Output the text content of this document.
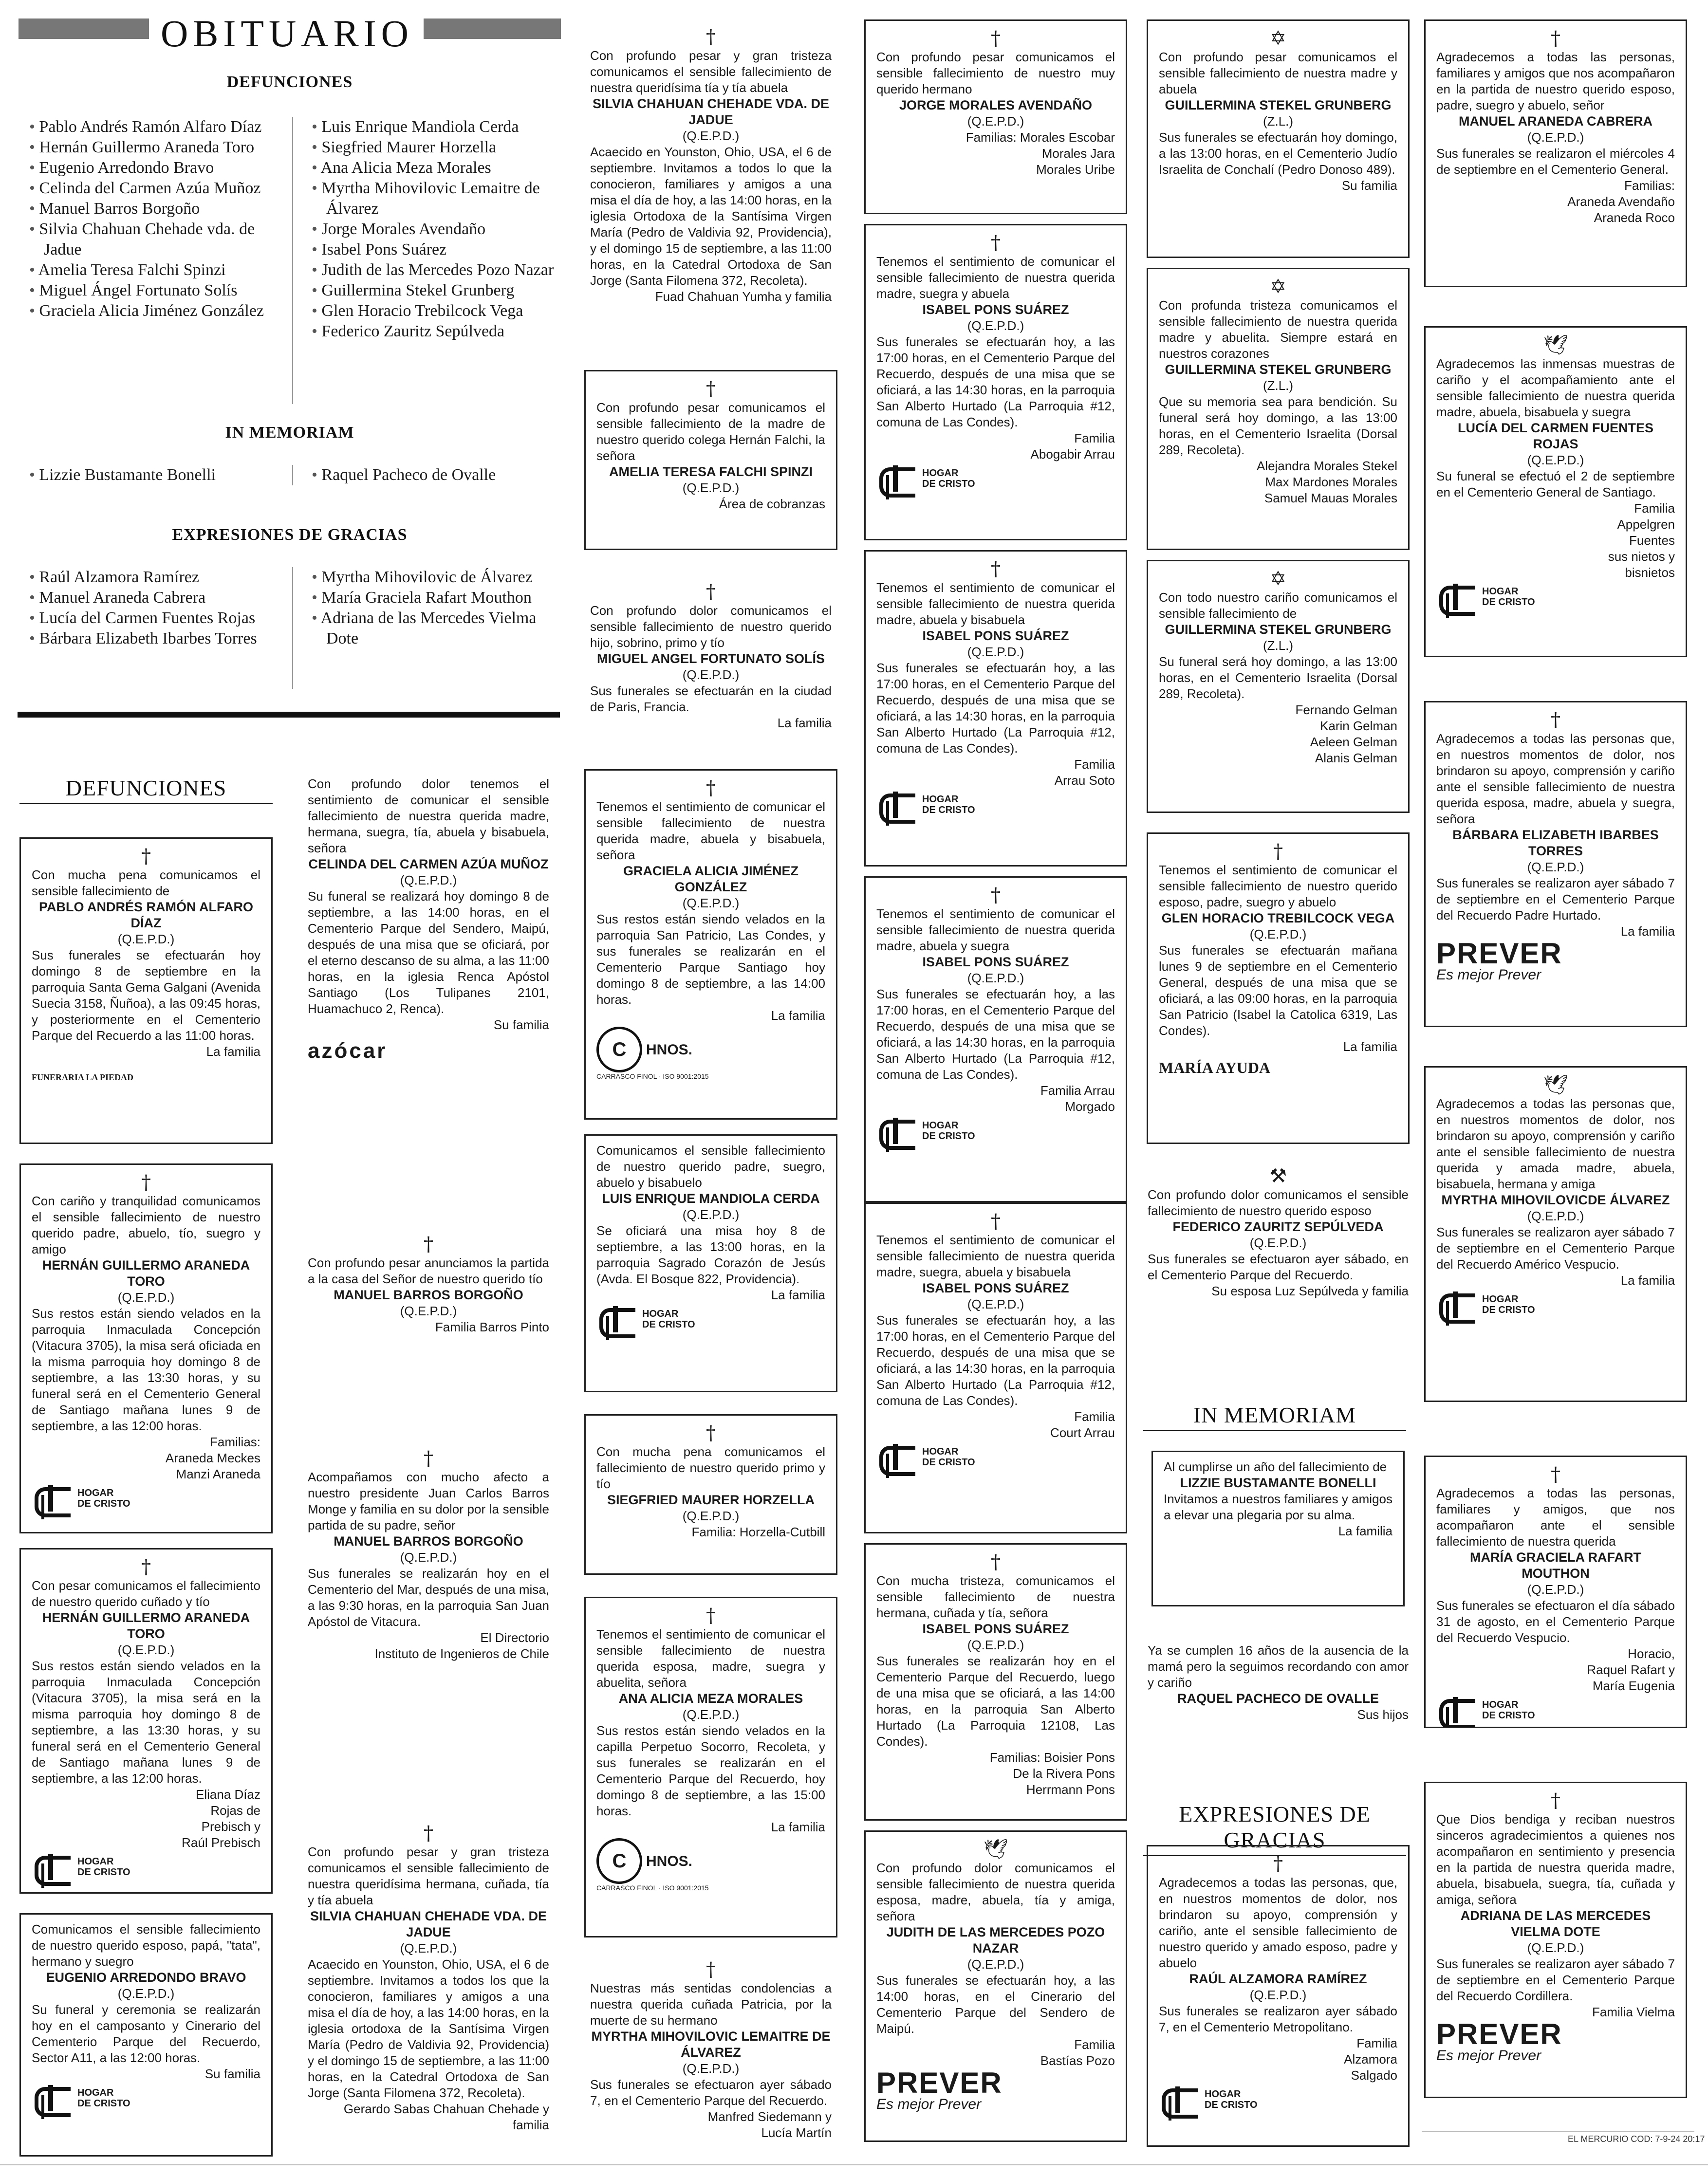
OBITUARIO
DEFUNCIONES
• Pablo Andrés Ramón Alfaro Díaz
• Hernán Guillermo Araneda Toro
• Eugenio Arredondo Bravo
• Celinda del Carmen Azúa Muñoz
• Manuel Barros Borgoño
• Silvia Chahuan Chehade vda. de Jadue
• Amelia Teresa Falchi Spinzi
• Miguel Ángel Fortunato Solís
• Graciela Alicia Jiménez González
• Luis Enrique Mandiola Cerda
• Siegfried Maurer Horzella
• Ana Alicia Meza Morales
• Myrtha Mihovilovic Lemaitre de Álvarez
• Jorge Morales Avendaño
• Isabel Pons Suárez
• Judith de las Mercedes Pozo Nazar
• Guillermina Stekel Grunberg
• Glen Horacio Trebilcock Vega
• Federico Zauritz Sepúlveda
IN MEMORIAM
• Lizzie Bustamante Bonelli
•	Raquel Pacheco de Ovalle
EXPRESIONES DE GRACIAS
• Raúl Alzamora Ramírez
• Manuel Araneda Cabrera
• Lucía del Carmen Fuentes Rojas
• Bárbara Elizabeth Ibarbes Torres
• Myrtha Mihovilovic de Álvarez
• María Graciela Rafart Mouthon
• Adriana de las Mercedes Vielma Dote
DEFUNCIONES
IN MEMORIAM
EXPRESIONES DE GRACIAS
†
Con mucha pena comunicamos el sensible fallecimiento de
PABLO ANDRÉS RAMÓN ALFARO DÍAZ
(Q.E.P.D.)
Sus funerales se efectuarán hoy domingo 8 de septiembre en la parroquia Santa Gema Galgani (Avenida Suecia 3158, Ñuñoa), a las 09:45 horas, y posteriormente en el Cementerio Parque del Recuerdo a las 11:00 horas.
La familia
FUNERARIA LA PIEDAD
†
Con cariño y tranquilidad comunicamos el sensible fallecimiento de nuestro querido padre, abuelo, tío, suegro y amigo
HERNÁN GUILLERMO ARANEDA TORO
(Q.E.P.D.)
Sus restos están siendo velados en la parroquia Inmaculada Concepción (Vitacura 3705), la misa será oficiada en la misma parroquia hoy domingo 8 de septiembre, a las 13:30 horas, y su funeral será en el Cementerio General de Santiago mañana lunes 9 de septiembre, a las 12:00 horas.
Familias:
Araneda Meckes
Manzi Araneda
HOGAR
DE CRISTO
†
Con pesar comunicamos el fallecimiento de nuestro querido cuñado y tío
HERNÁN GUILLERMO ARANEDA TORO
(Q.E.P.D.)
Sus restos están siendo velados en la parroquia Inmaculada Concepción (Vitacura 3705), la misa será en la misma parroquia hoy domingo 8 de septiembre, a las 13:30 horas, y su funeral será en el Cementerio General de Santiago mañana lunes 9 de septiembre, a las 12:00 horas.
Eliana Díaz
Rojas de
Prebisch y
Raúl Prebisch
HOGAR
DE CRISTO
Comunicamos el sensible fallecimiento de nuestro querido esposo, papá, "tata", hermano y suegro
EUGENIO ARREDONDO BRAVO
(Q.E.P.D.)
Su funeral y ceremonia se realizarán hoy en el camposanto y Cinerario del Cementerio Parque del Recuerdo, Sector A11, a las 12:00 horas.
Su familia
HOGAR
DE CRISTO
Con profundo dolor tenemos el sentimiento de comunicar el sensible fallecimiento de nuestra querida madre, hermana, suegra, tía, abuela y bisabuela, señora
CELINDA DEL CARMEN AZÚA MUÑOZ
(Q.E.P.D.)
Su funeral se realizará hoy domingo 8 de septiembre, a las 14:00 horas, en el Cementerio Parque del Sendero, Maipú, después de una misa que se oficiará, por el eterno descanso de su alma, a las 11:00 horas, en la iglesia Renca Apóstol Santiago (Los Tulipanes 2101, Huamachuco 2, Renca).
Su familia
azócar
†
Con profundo pesar anunciamos la partida a la casa del Señor de nuestro querido tío
MANUEL BARROS BORGOÑO
(Q.E.P.D.)
Familia Barros Pinto
†
Acompañamos con mucho afecto a nuestro presidente Juan Carlos Barros Monge y familia en su dolor por la sensible partida de su padre, señor
MANUEL BARROS BORGOÑO
(Q.E.P.D.)
Sus funerales se realizarán hoy en el Cementerio del Mar, después de una misa, a las 9:30 horas, en la parroquia San Juan Apóstol de Vitacura.
El Directorio
Instituto de Ingenieros de Chile
†
Con profundo pesar y gran tristeza comunicamos el sensible fallecimiento de nuestra queridísima hermana, cuñada, tía y tía abuela
SILVIA CHAHUAN CHEHADE VDA. DE JADUE
(Q.E.P.D.)
Acaecido en Younston, Ohio, USA, el 6 de septiembre. Invitamos a todos los que la conocieron, familiares y amigos a una misa el día de hoy, a las 14:00 horas, en la iglesia ortodoxa de la Santísima Virgen María (Pedro de Valdivia 92, Providencia) y el domingo 15 de septiembre, a las 11:00 horas, en la Catedral Ortodoxa de San Jorge (Santa Filomena 372, Recoleta).
Gerardo Sabas Chahuan Chehade y familia
†
Con profundo pesar y gran tristeza comunicamos el sensible fallecimiento de nuestra queridísima tía y tía abuela
SILVIA CHAHUAN CHEHADE VDA. DE JADUE
(Q.E.P.D.)
Acaecido en Younston, Ohio, USA, el 6 de septiembre. Invitamos a todos lo que la conocieron, familiares y amigos a una misa el día de hoy, a las 14:00 horas, en la iglesia Ortodoxa de la Santísima Virgen María (Pedro de Valdivia 92, Providencia), y el domingo 15 de septiembre, a las 11:00 horas, en la Catedral Ortodoxa de San Jorge (Santa Filomena 372, Recoleta).
Fuad Chahuan Yumha y familia
†
Con profundo pesar comunicamos el sensible fallecimiento de la madre de nuestro querido colega Hernán Falchi, la señora
AMELIA TERESA FALCHI SPINZI
(Q.E.P.D.)
Área de cobranzas
†
Con profundo dolor comunicamos el sensible fallecimiento de nuestro querido hijo, sobrino, primo y tío
MIGUEL ANGEL FORTUNATO SOLÍS
(Q.E.P.D.)
Sus funerales se efectuarán en la ciudad de Paris, Francia.
La familia
†
Tenemos el sentimiento de comunicar el sensible fallecimiento de nuestra querida madre, abuela y bisabuela, señora
GRACIELA ALICIA JIMÉNEZ GONZÁLEZ
(Q.E.P.D.)
Sus restos están siendo velados en la parroquia San Patricio, Las Condes, y sus funerales se realizarán en el Cementerio Parque Santiago hoy domingo 8 de septiembre, a las 14:00 horas.
La familia
C	HNOS.
CARRASCO FINOL · ISO 9001:2015
Comunicamos el sensible fallecimiento de nuestro querido padre, suegro, abuelo y bisabuelo
LUIS ENRIQUE MANDIOLA CERDA
(Q.E.P.D.)
Se oficiará una misa hoy 8 de septiembre, a las 13:00 horas, en la parroquia Sagrado Corazón de Jesús (Avda. El Bosque 822, Providencia).
La familia
HOGAR
DE CRISTO
†
Con mucha pena comunicamos el fallecimiento de nuestro querido primo y tío
SIEGFRIED MAURER HORZELLA
(Q.E.P.D.)
Familia: Horzella-Cutbill
†
Tenemos el sentimiento de comunicar el sensible fallecimiento de nuestra querida esposa, madre, suegra y abuelita, señora
ANA ALICIA MEZA MORALES
(Q.E.P.D.)
Sus restos están siendo velados en la capilla Perpetuo Socorro, Recoleta, y sus funerales se realizarán en el Cementerio Parque del Recuerdo, hoy domingo 8 de septiembre, a las 15:00 horas.
La familia
C	HNOS.
CARRASCO FINOL · ISO 9001:2015
†
Nuestras más sentidas condolencias a nuestra querida cuñada Patricia, por la muerte de su hermano
MYRTHA MIHOVILOVIC LEMAITRE DE ÁLVAREZ
(Q.E.P.D.)
Sus funerales se efectuaron ayer sábado 7, en el Cementerio Parque del Recuerdo.
Manfred Siedemann y
Lucía Martín
†
Con profundo pesar comunicamos el sensible fallecimiento de nuestro muy querido hermano
JORGE MORALES AVENDAÑO
(Q.E.P.D.)
Familias: Morales Escobar
Morales Jara
Morales Uribe
†
Tenemos el sentimiento de comunicar el sensible fallecimiento de nuestra querida madre, suegra y abuela
ISABEL PONS SUÁREZ
(Q.E.P.D.)
Sus funerales se efectuarán hoy, a las 17:00 horas, en el Cementerio Parque del Recuerdo, después de una misa que se oficiará, a las 14:30 horas, en la parroquia San Alberto Hurtado (La Parroquia #12, comuna de Las Condes).
Familia
Abogabir Arrau
HOGAR
DE CRISTO
†
Tenemos el sentimiento de comunicar el sensible fallecimiento de nuestra querida madre, abuela y bisabuela
ISABEL PONS SUÁREZ
(Q.E.P.D.)
Sus funerales se efectuarán hoy, a las 17:00 horas, en el Cementerio Parque del Recuerdo, después de una misa que se oficiará, a las 14:30 horas, en la parroquia San Alberto Hurtado (La Parroquia #12, comuna de Las Condes).
Familia
Arrau Soto
HOGAR
DE CRISTO
†
Tenemos el sentimiento de comunicar el sensible fallecimiento de nuestra querida madre, abuela y suegra
ISABEL PONS SUÁREZ
(Q.E.P.D.)
Sus funerales se efectuarán hoy, a las 17:00 horas, en el Cementerio Parque del Recuerdo, después de una misa que se oficiará, a las 14:30 horas, en la parroquia San Alberto Hurtado (La Parroquia #12, comuna de Las Condes).
Familia Arrau
Morgado
HOGAR
DE CRISTO
†
Tenemos el sentimiento de comunicar el sensible fallecimiento de nuestra querida madre, suegra, abuela y bisabuela
ISABEL PONS SUÁREZ
(Q.E.P.D.)
Sus funerales se efectuarán hoy, a las 17:00 horas, en el Cementerio Parque del Recuerdo, después de una misa que se oficiará, a las 14:30 horas, en la parroquia San Alberto Hurtado (La Parroquia #12, comuna de Las Condes).
Familia
Court Arrau
HOGAR
DE CRISTO
†
Con mucha tristeza, comunicamos el sensible fallecimiento de nuestra hermana, cuñada y tía, señora
ISABEL PONS SUÁREZ
(Q.E.P.D.)
Sus funerales se realizarán hoy en el Cementerio Parque del Recuerdo, luego de una misa que se oficiará, a las 14:00 horas, en la parroquia San Alberto Hurtado (La Parroquia 12108, Las Condes).
Familias: Boisier Pons
De la Rivera Pons
Herrmann Pons
🕊
Con profundo dolor comunicamos el sensible fallecimiento de nuestra querida esposa, madre, abuela, tía y amiga, señora
JUDITH DE LAS MERCEDES POZO NAZAR
(Q.E.P.D.)
Sus funerales se efectuarán hoy, a las 14:00 horas, en el Cinerario del Cementerio Parque del Sendero de Maipú.
Familia
Bastías Pozo
PREVER
Es mejor Prever
✡
Con profundo pesar comunicamos el sensible fallecimiento de nuestra madre y abuela
GUILLERMINA STEKEL GRUNBERG
(Z.L.)
Sus funerales se efectuarán hoy domingo, a las 13:00 horas, en el Cementerio Judío Israelita de Conchalí (Pedro Donoso 489).
Su familia
✡
Con profunda tristeza comunicamos el sensible fallecimiento de nuestra querida madre y abuelita. Siempre estará en nuestros corazones
GUILLERMINA STEKEL GRUNBERG
(Z.L.)
Que su memoria sea para bendición. Su funeral será hoy domingo, a las 13:00 horas, en el Cementerio Israelita (Dorsal 289, Recoleta).
Alejandra Morales Stekel
Max Mardones Morales
Samuel Mauas Morales
✡
Con todo nuestro cariño comunicamos el sensible fallecimiento de
GUILLERMINA STEKEL GRUNBERG
(Z.L.)
Su funeral será hoy domingo, a las 13:00 horas, en el Cementerio Israelita (Dorsal 289, Recoleta).
Fernando Gelman
Karin Gelman
Aeleen Gelman
Alanis Gelman
†
Tenemos el sentimiento de comunicar el sensible fallecimiento de nuestro querido esposo, padre, suegro y abuelo
GLEN HORACIO TREBILCOCK VEGA
(Q.E.P.D.)
Sus funerales se efectuarán mañana lunes 9 de septiembre en el Cementerio General, después de una misa que se oficiará, a las 09:00 horas, en la parroquia San Patricio (Isabel la Catolica 6319, Las Condes).
La familia
MARÍA AYUDA
⚒
Con profundo dolor comunicamos el sensible fallecimiento de nuestro querido esposo
FEDERICO ZAURITZ SEPÚLVEDA
(Q.E.P.D.)
Sus funerales se efectuaron ayer sábado, en el Cementerio Parque del Recuerdo.
Su esposa Luz Sepúlveda y familia
Al cumplirse un año del fallecimiento de
LIZZIE BUSTAMANTE BONELLI
Invitamos a nuestros familiares y amigos a elevar una plegaria por su alma.
La familia
Ya se cumplen 16 años de la ausencia de la mamá pero la seguimos recordando con amor y cariño
RAQUEL PACHECO DE OVALLE
Sus hijos
†
Agradecemos a todas las personas, que, en nuestros momentos de dolor, nos brindaron su apoyo, comprensión y cariño, ante el sensible fallecimiento de nuestro querido y amado esposo, padre y abuelo
RAÚL ALZAMORA RAMÍREZ
(Q.E.P.D.)
Sus funerales se realizaron ayer sábado 7, en el Cementerio Metropolitano.
Familia
Alzamora
Salgado
HOGAR
DE CRISTO
†
Agradecemos a todas las personas, familiares y amigos que nos acompañaron en la partida de nuestro querido esposo, padre, suegro y abuelo, señor
MANUEL ARANEDA CABRERA
(Q.E.P.D.)
Sus funerales se realizaron el miércoles 4 de septiembre en el Cementerio General.
Familias:
Araneda Avendaño
Araneda Roco
🕊
Agradecemos las inmensas muestras de cariño y el acompañamiento ante el sensible fallecimiento de nuestra querida madre, abuela, bisabuela y suegra
LUCÍA DEL CARMEN FUENTES ROJAS
(Q.E.P.D.)
Su funeral se efectuó el 2 de septiembre en el Cementerio General de Santiago.
Familia
Appelgren
Fuentes
sus nietos y
bisnietos
HOGAR
DE CRISTO
†
Agradecemos a todas las personas que, en nuestros momentos de dolor, nos brindaron su apoyo, comprensión y cariño ante el sensible fallecimiento de nuestra querida esposa, madre, abuela y suegra, señora
BÁRBARA ELIZABETH IBARBES TORRES
(Q.E.P.D.)
Sus funerales se realizaron ayer sábado 7 de septiembre en el Cementerio Parque del Recuerdo Padre Hurtado.
La familia
PREVER
Es mejor Prever
🕊
Agradecemos a todas las personas que, en nuestros momentos de dolor, nos brindaron su apoyo, comprensión y cariño ante el sensible fallecimiento de nuestra querida y amada madre, abuela, bisabuela, hermana y amiga
MYRTHA MIHOVILOVICDE ÁLVAREZ
(Q.E.P.D.)
Sus funerales se realizaron ayer sábado 7 de septiembre en el Cementerio Parque del Recuerdo Américo Vespucio.
La familia
HOGAR
DE CRISTO
†
Agradecemos a todas las personas, familiares y amigos, que nos acompañaron ante el sensible fallecimiento de nuestra querida
MARÍA GRACIELA RAFART MOUTHON
(Q.E.P.D.)
Sus funerales se efectuaron el día sábado 31 de agosto, en el Cementerio Parque del Recuerdo Vespucio.
Horacio,
Raquel Rafart y
María Eugenia
HOGAR
DE CRISTO
†
Que Dios bendiga y reciban nuestros sinceros agradecimientos a quienes nos acompañaron en sentimiento y presencia en la partida de nuestra querida madre, abuela, bisabuela, suegra, tía, cuñada y amiga, señora
ADRIANA DE LAS MERCEDES VIELMA DOTE
(Q.E.P.D.)
Sus funerales se realizaron ayer sábado 7 de septiembre en el Cementerio Parque del Recuerdo Cordillera.
Familia Vielma
PREVER
Es mejor Prever
EL MERCURIO COD: 7-9-24 20:17
